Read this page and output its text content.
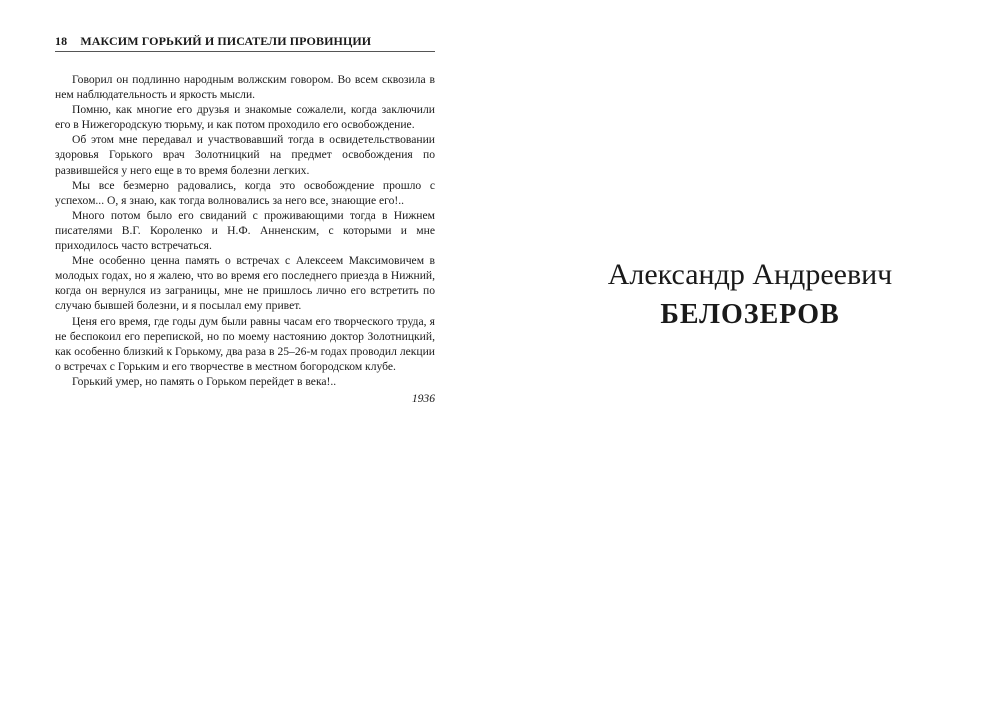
18 МАКСИМ ГОРЬКИЙ И ПИСАТЕЛИ ПРОВИНЦИИ

Говорил он подлинно народным волжским говором. Во всем сквозила в нем наблюдательность и яркость мысли.

Помню, как многие его друзья и знакомые сожалели, когда заключили его в Нижегородскую тюрьму, и как потом проходило его освобождение.

Об этом мне передавал и участвовавший тогда в освидетельствовании здоровья Горького врач Золотницкий на предмет освобождения по развившейся у него еще в то время болезни легких.

Мы все безмерно радовались, когда это освобождение прошло с успехом... О, я знаю, как тогда волновались за него все, знающие его!..

Много потом было его свиданий с проживающими тогда в Нижнем писателями В.Г. Короленко и Н.Ф. Анненским, с которыми и мне приходилось часто встречаться.

Мне особенно ценна память о встречах с Алексеем Максимовичем в молодых годах, но я жалею, что во время его последнего приезда в Нижний, когда он вернулся из заграницы, мне не пришлось лично его встретить по случаю бывшей болезни, и я посылал ему привет.

Ценя его время, где годы дум были равны часам его творческого труда, я не беспокоил его перепиской, но по моему настоянию доктор Золотницкий, как особенно близкий к Горькому, два раза в 25–26-м годах проводил лекции о встречах с Горьким и его творчестве в местном богородском клубе.

Горький умер, но память о Горьком перейдет в века!..

1936

Александр Андреевич
БЕЛОЗЕРОВ
